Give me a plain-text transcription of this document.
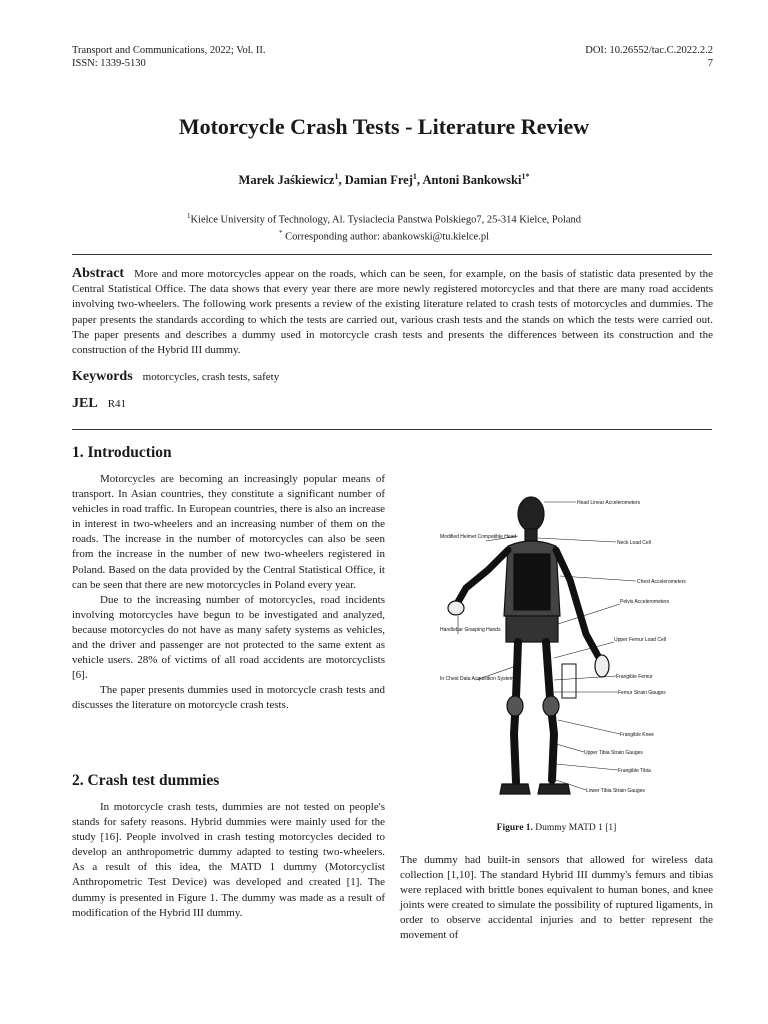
Transport and Communications, 2022; Vol. II.
ISSN: 1339-5130
DOI: 10.26552/tac.C.2022.2.2
7
Motorcycle Crash Tests - Literature Review
Marek Jaśkiewicz$^1$, Damian Frej$^1$, Antoni Bankowski$^{1*}$
$^1$Kielce University of Technology, Al. Tysiaclecia Panstwa Polskiego7, 25-314 Kielce, Poland
* Corresponding author: abankowski@tu.kielce.pl
Abstract More and more motorcycles appear on the roads, which can be seen, for example, on the basis of statistic data presented by the Central Statistical Office. The data shows that every year there are more newly registered motorcycles and that there are many road accidents involving two-wheelers. The following work presents a review of the existing literature related to crash tests of motorcycles and dummies. The paper presents the standards according to which the tests are carried out, various crash tests and the stands on which the tests were carried out. The paper presents and describes a dummy used in motorcycle crash tests and presents the differences between its construction and the construction of the Hybrid III dummy.
Keywords motorcycles, crash tests, safety
JEL R41
1. Introduction

Motorcycles are becoming an increasingly popular means of transport. In Asian countries, they constitute a significant number of vehicles in road traffic. In European countries, there is also an increase in interest in two-wheelers and an increasing number of them on the roads. The increase in the number of motorcycles can also be seen from the increase in the number of new two-wheelers registered in Poland. Based on the data provided by the Central Statistical Office, it can be seen that there are new motorcycles in Poland every year.

Due to the increasing number of motorcycles, road incidents involving motorcycles have begun to be investigated and analyzed, because motorcycles do not have as many safety systems as vehicles, and the driver and passenger are not protected to the same extent as vehicle users. 28% of victims of all road accidents are motorcyclists [6].

The paper presents dummies used in motorcycle crash tests and discusses the literature on motorcycle crash tests.

2. Crash test dummies

In motorcycle crash tests, dummies are not tested on people's stands for safety reasons. Hybrid dummies were mainly used for the study [16]. People involved in crash testing motorcycles decided to develop an anthropometric dummy adapted to testing two-wheelers. As a result of this idea, the MATD 1 dummy (Motorcyclist Anthropometric Test Device) was developed and created [1]. The dummy is presented in Figure 1. The dummy was made as a result of modification of the Hybrid III dummy.

Head Linear Accelerometers
Modified Helmet Compatible Head
Neck Load Cell
Chest Accelerometers
Pelvis Accelerometers
Handlebar Grasping Hands
Upper Femur Load Cell
Frangible Femur
In Chest Data Acquisition System
Femur Strain Gauges
Frangible Knee
Upper Tibia Strain Gauges
Frangible Tibia
Lower Tibia Strain Gauges
Figure 1. Dummy MATD 1 [1]

The dummy had built-in sensors that allowed for wireless data collection [1,10]. The standard Hybrid III dummy's femurs and tibias were replaced with brittle bones equivalent to human bones, and knee joints were created to simulate the possibility of ruptured ligaments, in order to observe accidental injuries and to better represent the movement of
